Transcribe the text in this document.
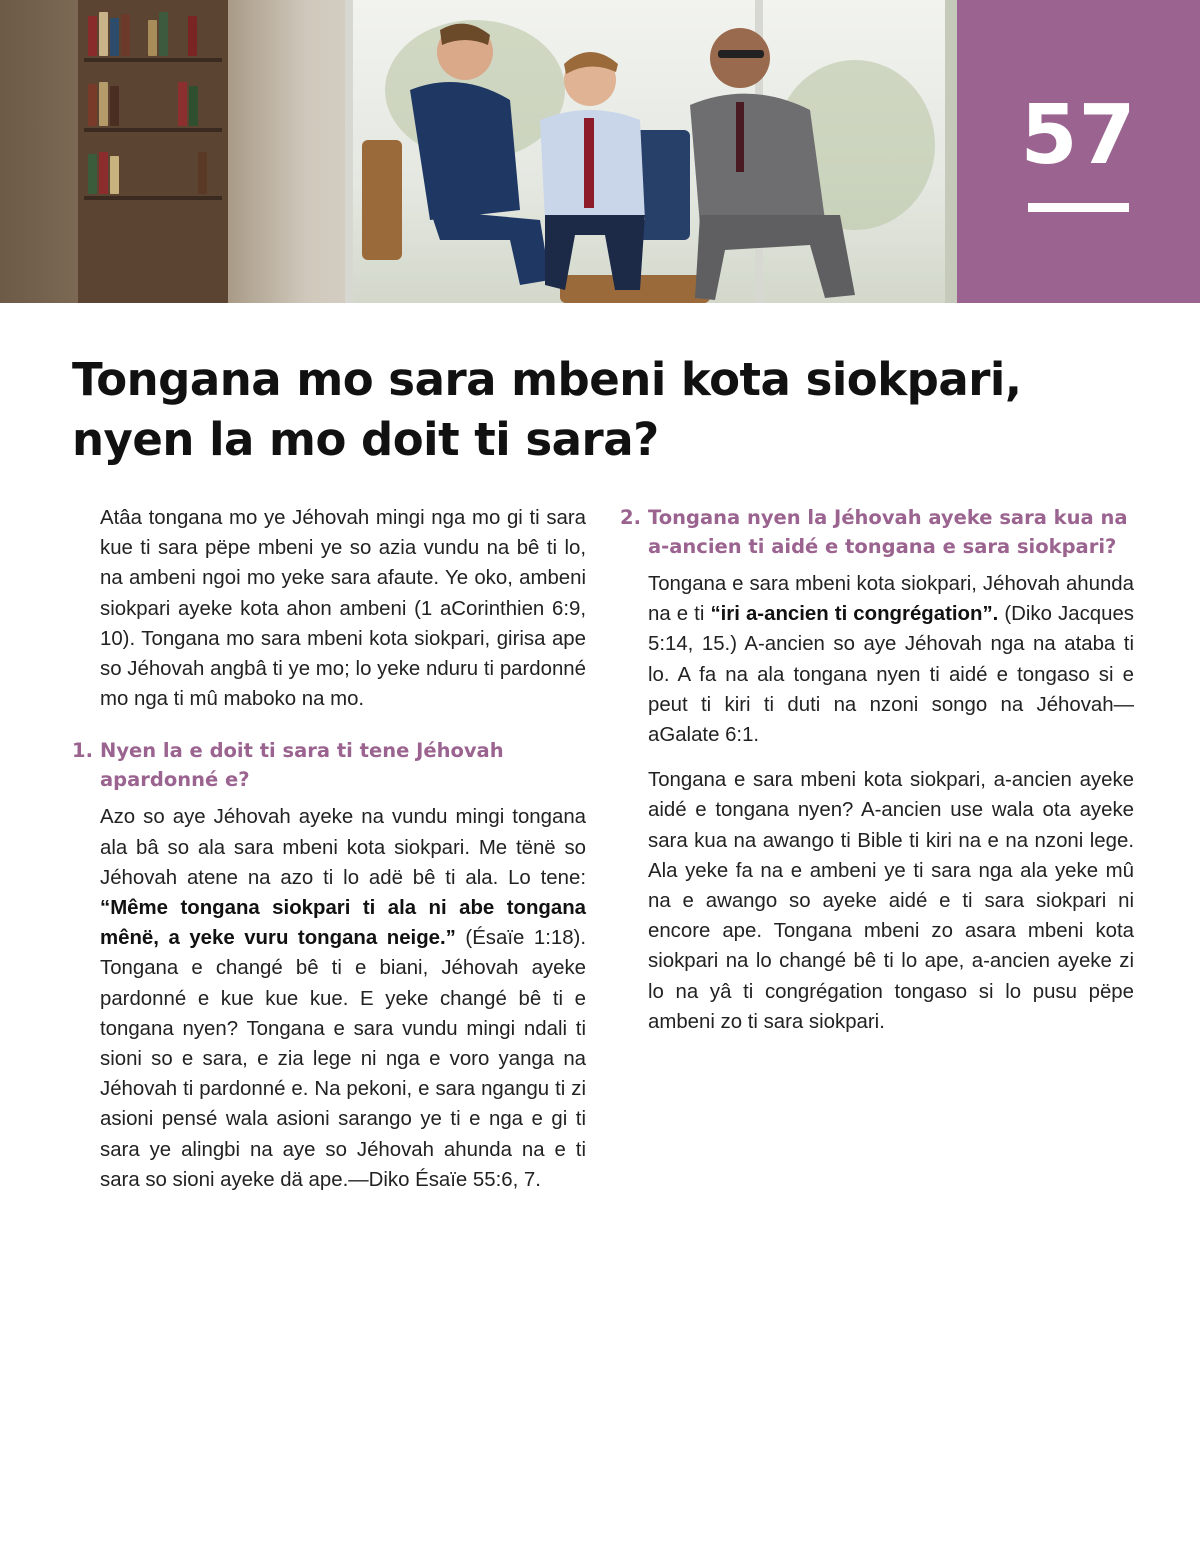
57
Tongana mo sara mbeni kota siokpari,
nyen la mo doit ti sara?

Atâa tongana mo ye Jéhovah mingi nga mo gi ti sara kue ti sara pëpe mbeni ye so azia vundu na bê ti lo, na ambeni ngoi mo yeke sara afaute. Ye oko, ambeni siokpari ayeke kota ahon ambeni (1 aCorinthien 6:9, 10). Tongana mo sara mbeni kota siokpari, girisa ape so Jéhovah angbâ ti ye mo; lo yeke nduru ti pardonné mo nga ti mû maboko na mo.

1. Nyen la e doit ti sara ti tene Jéhovah apardonné e?

Azo so aye Jéhovah ayeke na vundu mingi tongana ala bâ so ala sara mbeni kota siokpari. Me tënë so Jéhovah atene na azo ti lo adë bê ti ala. Lo tene: “Même tongana siokpari ti ala ni abe tongana mênë, a yeke vuru tongana neige.” (Ésaïe 1:18). Tongana e changé bê ti e biani, Jéhovah ayeke pardonné e kue kue kue. E yeke changé bê ti e tongana nyen? Tongana e sara vundu mingi ndali ti sioni so e sara, e zia lege ni nga e voro yanga na Jéhovah ti pardonné e. Na pekoni, e sara ngangu ti zi asioni pensé wala asioni sarango ye ti e nga e gi ti sara ye alingbi na aye so Jéhovah ahunda na e ti sara so sioni ayeke dä ape.—Diko Ésaïe 55:6, 7.

2. Tongana nyen la Jéhovah ayeke sara kua na a-ancien ti aidé e tongana e sara siokpari?

Tongana e sara mbeni kota siokpari, Jéhovah ahunda na e ti “iri a-ancien ti congrégation”. (Diko Jacques 5:14, 15.) A-ancien so aye Jéhovah nga na ataba ti lo. A fa na ala tongana nyen ti aidé e tongaso si e peut ti kiri ti duti na nzoni songo na Jéhovah—aGalate 6:1.

Tongana e sara mbeni kota siokpari, a-ancien ayeke aidé e tongana nyen? A-ancien use wala ota ayeke sara kua na awango ti Bible ti kiri na e na nzoni lege. Ala yeke fa na e ambeni ye ti sara nga ala yeke mû na e awango so ayeke aidé e ti sara siokpari ni encore ape. Tongana mbeni zo asara mbeni kota siokpari na lo changé bê ti lo ape, a-ancien ayeke zi lo na yâ ti congrégation tongaso si lo pusu pëpe ambeni zo ti sara siokpari.
